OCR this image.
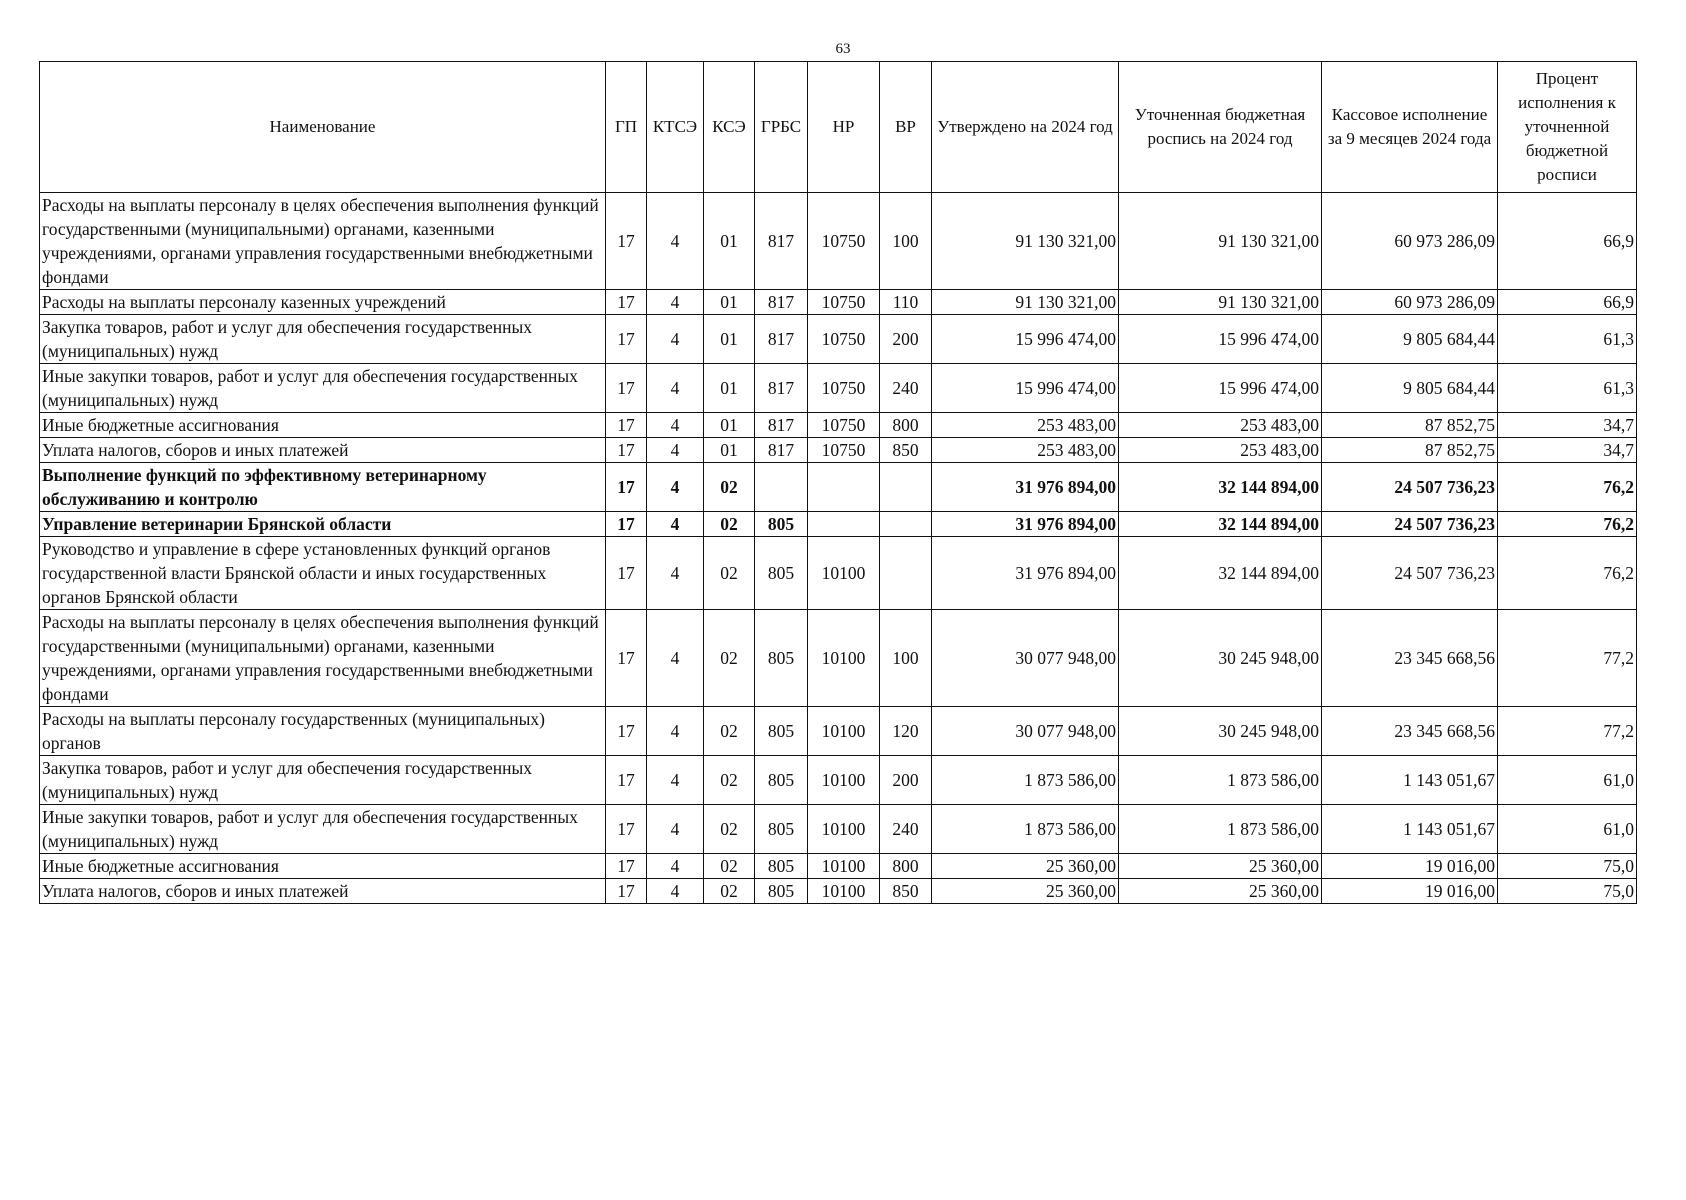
63
Наименование	ГП	КТСЭ	КСЭ	ГРБС	НР	ВР	Утверждено на 2024 год	Уточненная бюджетная роспись на 2024 год	Кассовое исполнение за 9 месяцев 2024 года	Процент исполнения к уточненной бюджетной росписи
Расходы на выплаты персоналу в целях обеспечения выполнения функций государственными (муниципальными) органами, казенными учреждениями, органами управления государственными внебюджетными фондами	17	4	01	817	10750	100	91 130 321,00	91 130 321,00	60 973 286,09	66,9
Расходы на выплаты персоналу казенных учреждений	17	4	01	817	10750	110	91 130 321,00	91 130 321,00	60 973 286,09	66,9
Закупка товаров, работ и услуг для обеспечения государственных (муниципальных) нужд	17	4	01	817	10750	200	15 996 474,00	15 996 474,00	9 805 684,44	61,3
Иные закупки товаров, работ и услуг для обеспечения государственных (муниципальных) нужд	17	4	01	817	10750	240	15 996 474,00	15 996 474,00	9 805 684,44	61,3
Иные бюджетные ассигнования	17	4	01	817	10750	800	253 483,00	253 483,00	87 852,75	34,7
Уплата налогов, сборов и иных платежей	17	4	01	817	10750	850	253 483,00	253 483,00	87 852,75	34,7
Выполнение функций по эффективному ветеринарному обслуживанию и контролю	17	4	02				31 976 894,00	32 144 894,00	24 507 736,23	76,2
Управление ветеринарии Брянской области	17	4	02	805			31 976 894,00	32 144 894,00	24 507 736,23	76,2
Руководство и управление в сфере установленных функций органов государственной власти Брянской области и иных государственных органов Брянской области	17	4	02	805	10100		31 976 894,00	32 144 894,00	24 507 736,23	76,2
Расходы на выплаты персоналу в целях обеспечения выполнения функций государственными (муниципальными) органами, казенными учреждениями, органами управления государственными внебюджетными фондами	17	4	02	805	10100	100	30 077 948,00	30 245 948,00	23 345 668,56	77,2
Расходы на выплаты персоналу государственных (муниципальных) органов	17	4	02	805	10100	120	30 077 948,00	30 245 948,00	23 345 668,56	77,2
Закупка товаров, работ и услуг для обеспечения государственных (муниципальных) нужд	17	4	02	805	10100	200	1 873 586,00	1 873 586,00	1 143 051,67	61,0
Иные закупки товаров, работ и услуг для обеспечения государственных (муниципальных) нужд	17	4	02	805	10100	240	1 873 586,00	1 873 586,00	1 143 051,67	61,0
Иные бюджетные ассигнования	17	4	02	805	10100	800	25 360,00	25 360,00	19 016,00	75,0
Уплата налогов, сборов и иных платежей	17	4	02	805	10100	850	25 360,00	25 360,00	19 016,00	75,0
